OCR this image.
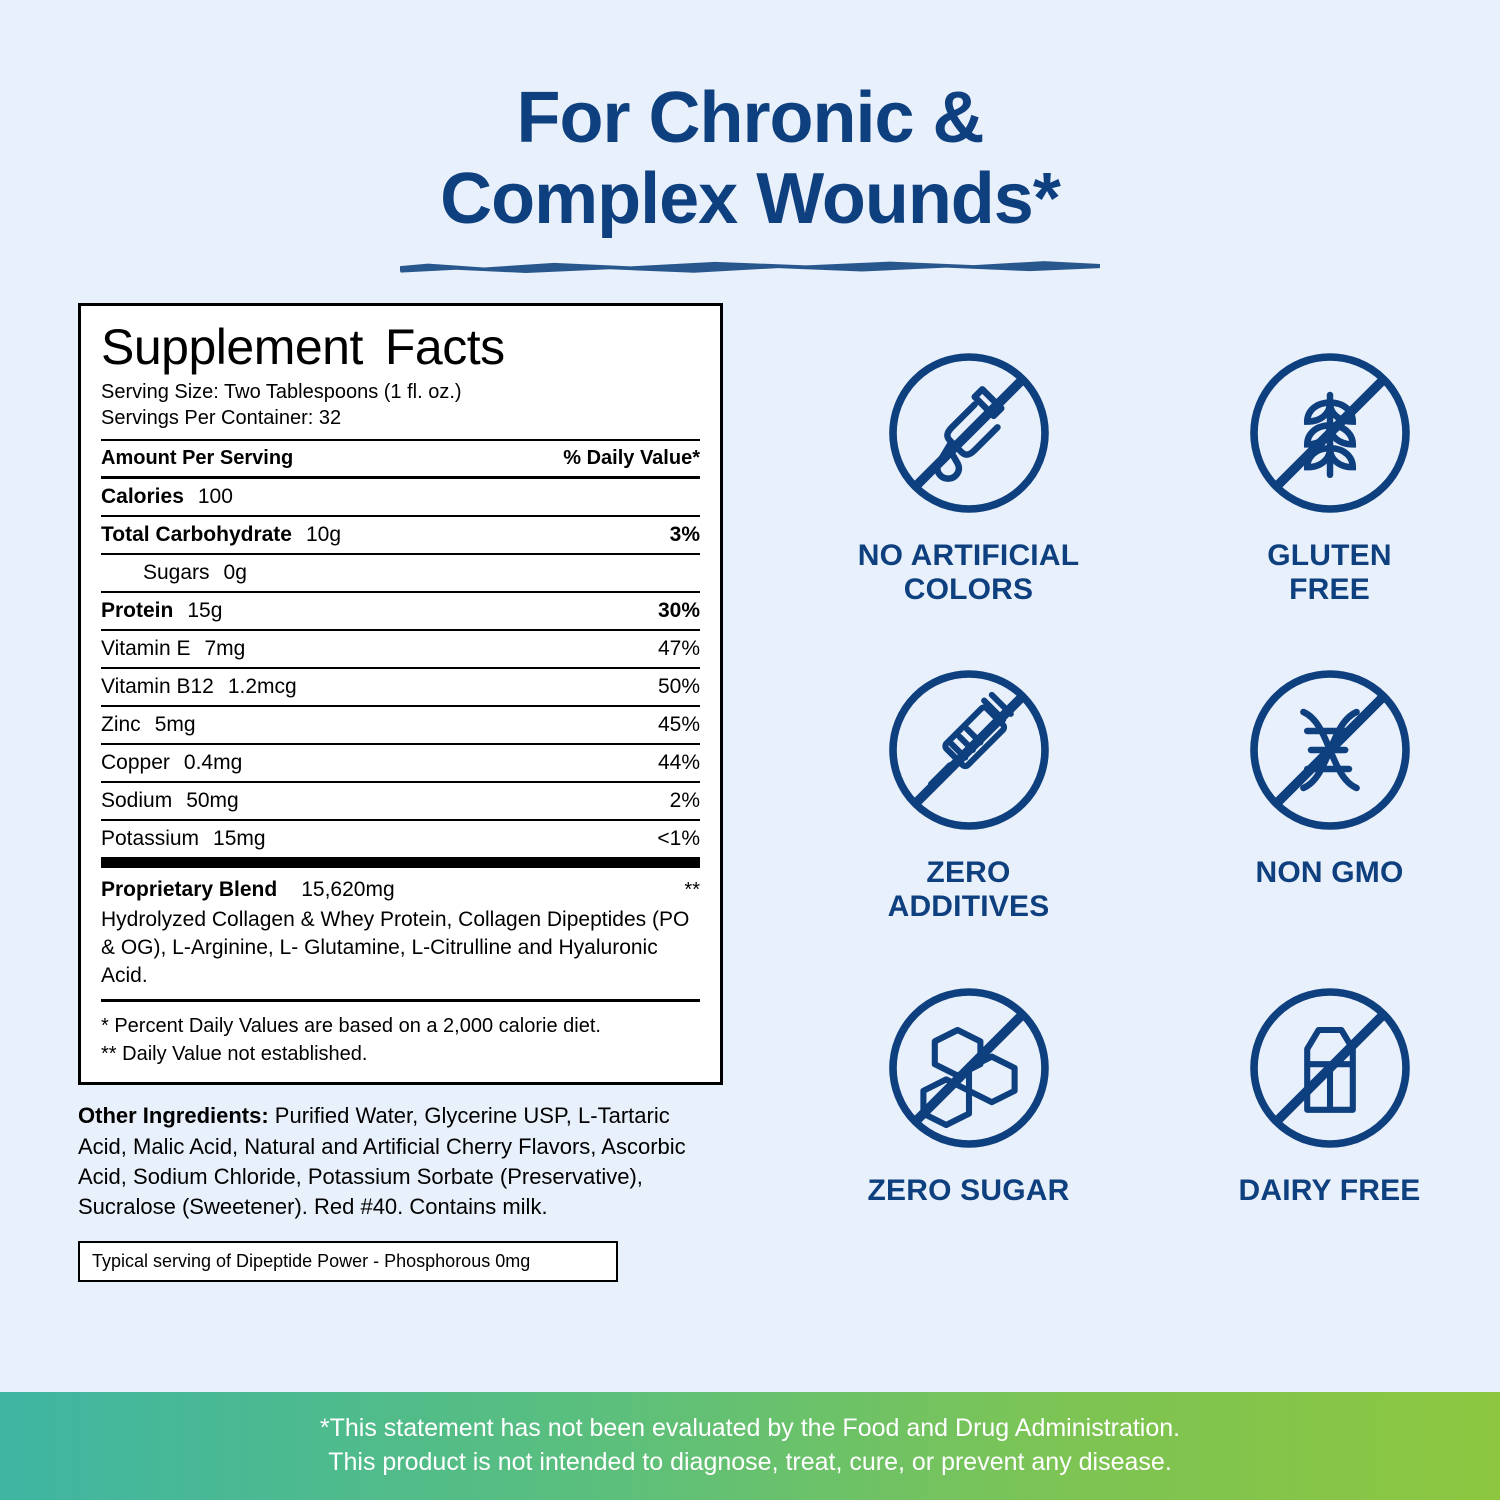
For Chronic &
Complex Wounds*
Supplement Facts
Serving Size: Two Tablespoons (1 fl. oz.)
Servings Per Container: 32
Amount Per Serving	% Daily Value*
Calories 100	
Total Carbohydrate 10g	3%
Sugars 0g	
Protein 15g	30%
Vitamin E 7mg	47%
Vitamin B12 1.2mcg	50%
Zinc 5mg	45%
Copper 0.4mg	44%
Sodium 50mg	2%
Potassium 15mg	<1%
Proprietary Blend 15,620mg	**
Hydrolyzed Collagen & Whey Protein, Collagen Dipeptides (PO & OG), L-Arginine, L- Glutamine, L-Citrulline and Hyaluronic Acid.
* Percent Daily Values are based on a 2,000 calorie diet.
** Daily Value not established.
Other Ingredients: Purified Water, Glycerine USP, L-Tartaric Acid, Malic Acid, Natural and Artificial Cherry Flavors, Ascorbic Acid, Sodium Chloride, Potassium Sorbate (Preservative), Sucralose (Sweetener). Red #40. Contains milk.
Typical serving of Dipeptide Power - Phosphorous 0mg
NO ARTIFICIAL
COLORS
GLUTEN
FREE
ZERO
ADDITIVES
NON GMO
ZERO SUGAR	DAIRY FREE
*This statement has not been evaluated by the Food and Drug Administration.
This product is not intended to diagnose, treat, cure, or prevent any disease.
